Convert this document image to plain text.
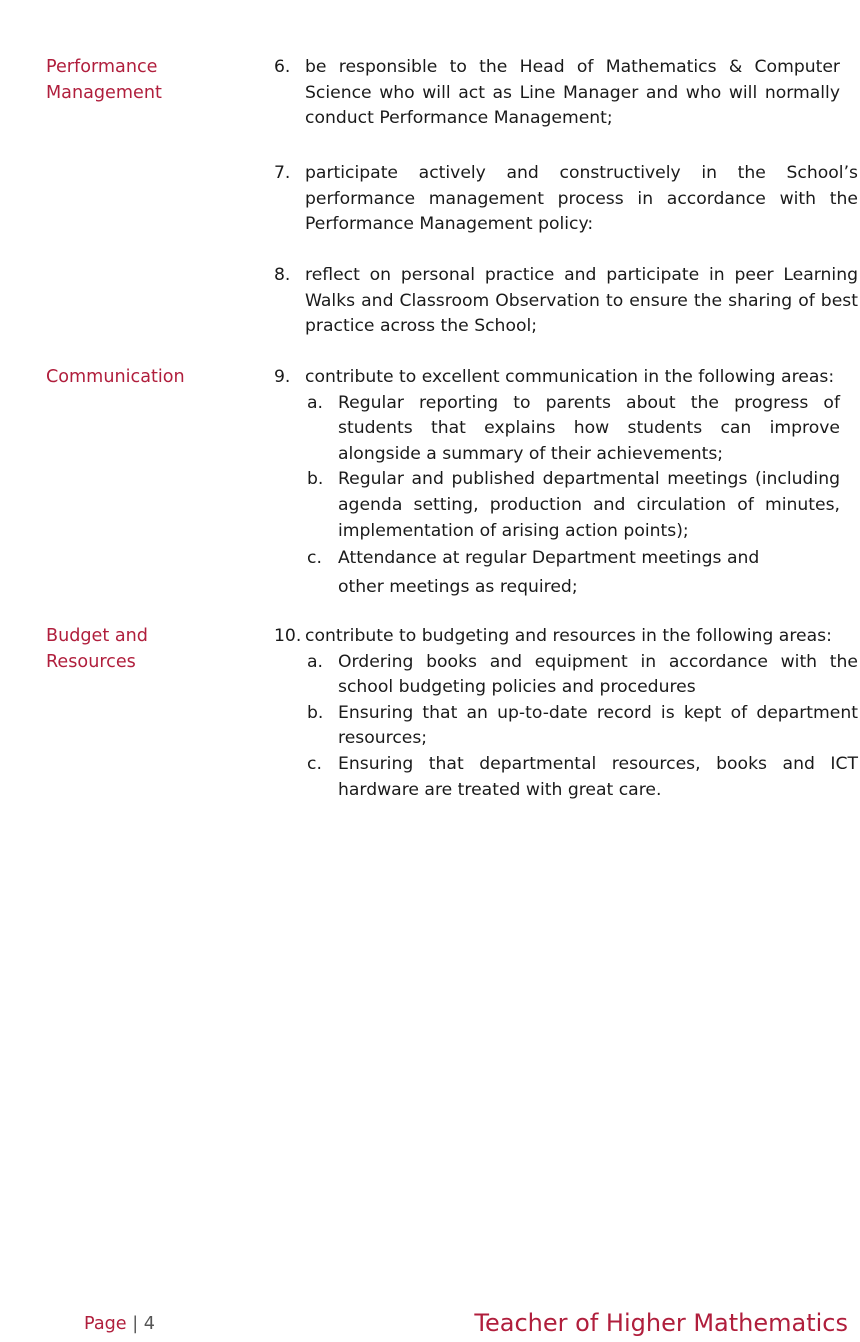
Performance
Management
6. be responsible to the Head of Mathematics & Computer Science who will act as Line Manager and who will normally conduct Performance Management;
7. participate actively and constructively in the School’s performance management process in accordance with the Performance Management policy:
8. reflect on personal practice and participate in peer Learning Walks and Classroom Observation to ensure the sharing of best practice across the School;
Communication	9. contribute to excellent communication in the following areas:
a. Regular reporting to parents about the progress of students that explains how students can improve alongside a summary of their achievements;
b. Regular and published departmental meetings (including agenda setting, production and circulation of minutes, implementation of arising action points);
c. Attendance at regular Department meetings and
other meetings as required;
Budget and
Resources
10. contribute to budgeting and resources in the following areas:
a. Ordering books and equipment in accordance with the school budgeting policies and procedures
b. Ensuring that an up-to-date record is kept of department resources;
c. Ensuring that departmental resources, books and ICT hardware are treated with great care.
Page | 4	Teacher of Higher Mathematics
